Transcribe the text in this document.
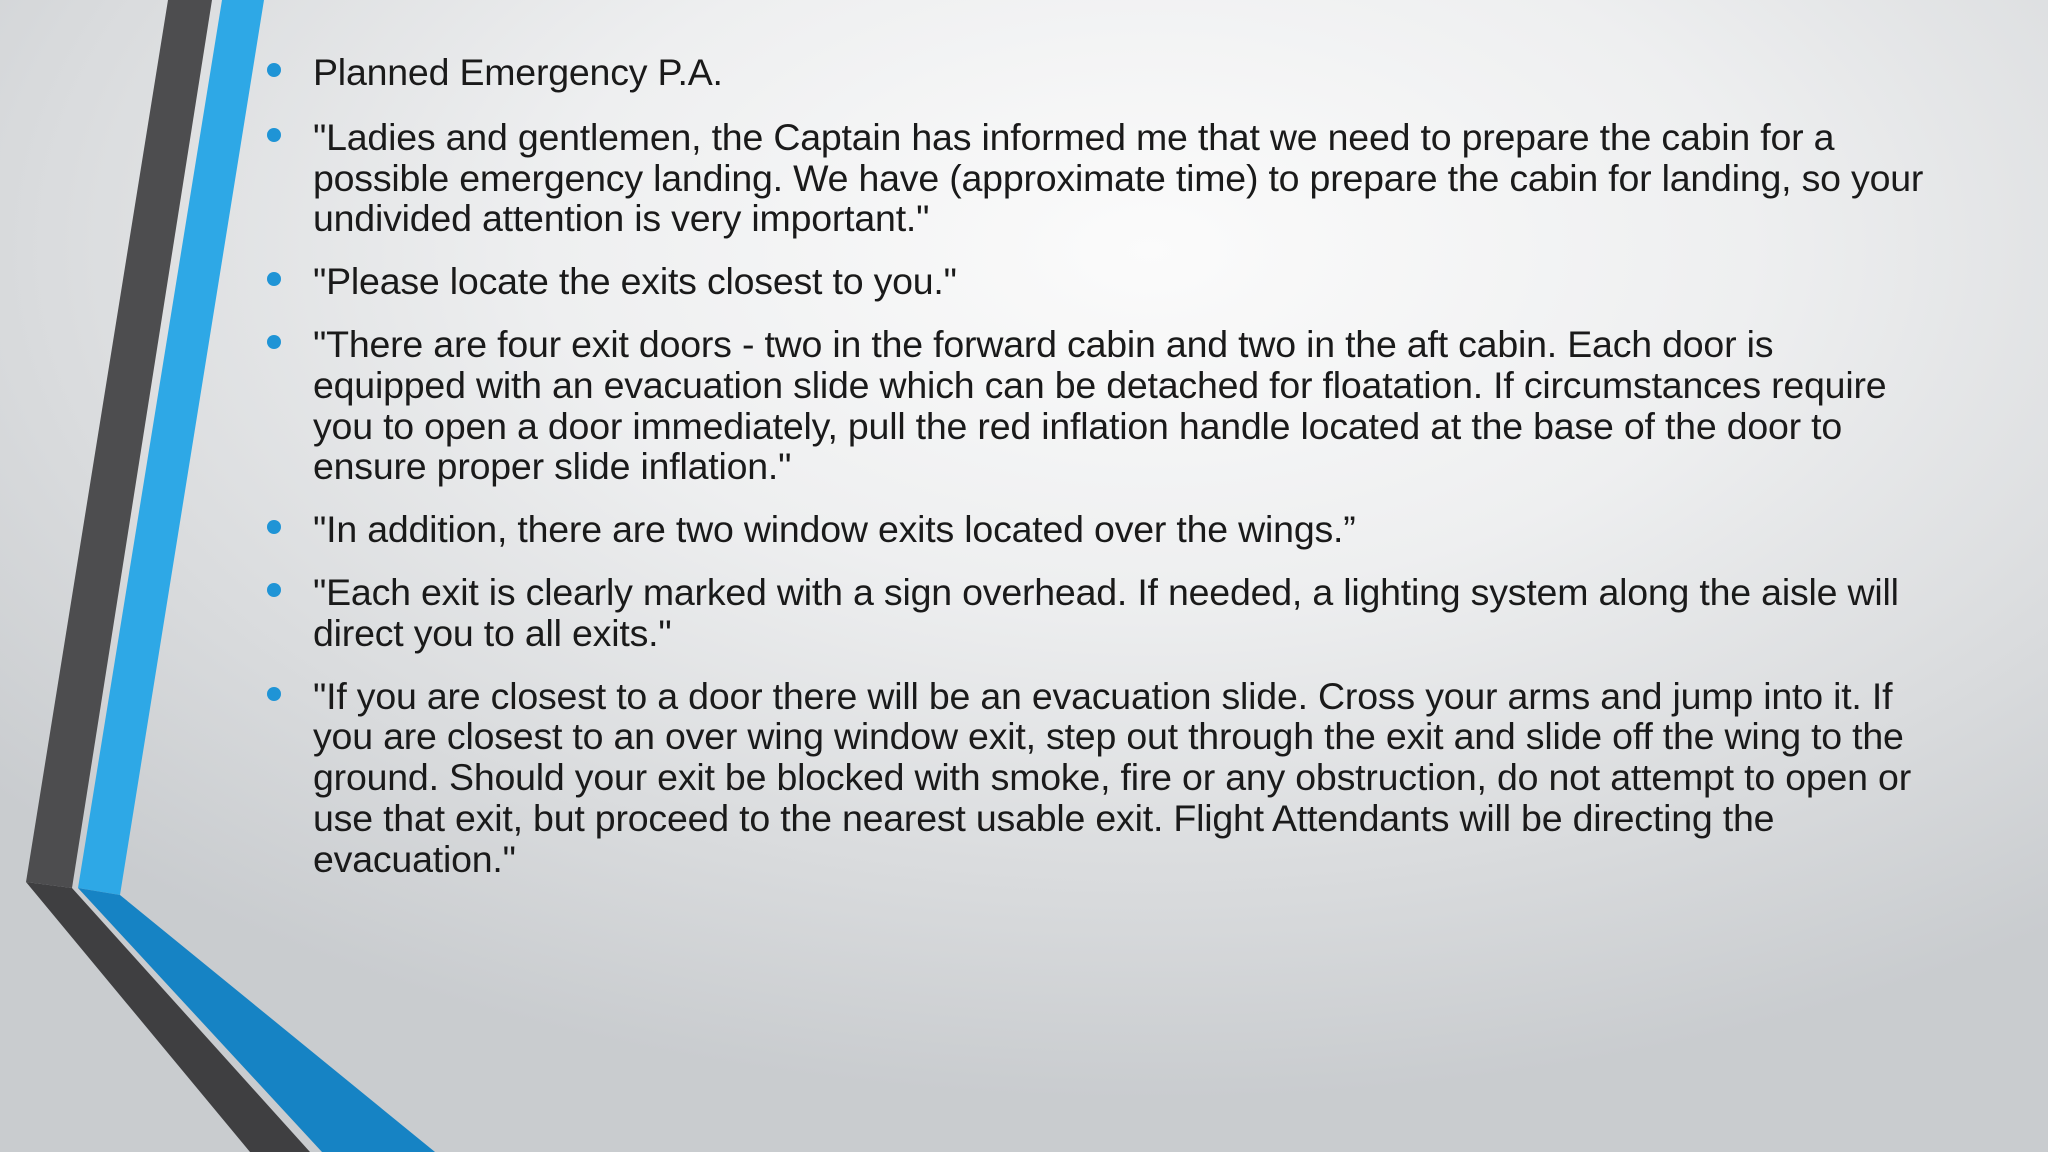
Planned Emergency P.A.
"Ladies and gentlemen, the Captain has informed me that we need to prepare the cabin for a possible emergency landing. We have (approximate time) to prepare the cabin for landing, so your undivided attention is very important."
"Please locate the exits closest to you."
"There are four exit doors - two in the forward cabin and two in the aft cabin. Each door is equipped with an evacuation slide which can be detached for floatation. If circumstances require you to open a door immediately, pull the red inflation handle located at the base of the door to ensure proper slide inflation."
"In addition, there are two window exits located over the wings.”
"Each exit is clearly marked with a sign overhead. If needed, a lighting system along the aisle will direct you to all exits."
"If you are closest to a door there will be an evacuation slide. Cross your arms and jump into it. If you are closest to an over wing window exit, step out through the exit and slide off the wing to the ground. Should your exit be blocked with smoke, fire or any obstruction, do not attempt to open or use that exit, but proceed to the nearest usable exit. Flight Attendants will be directing the evacuation."
